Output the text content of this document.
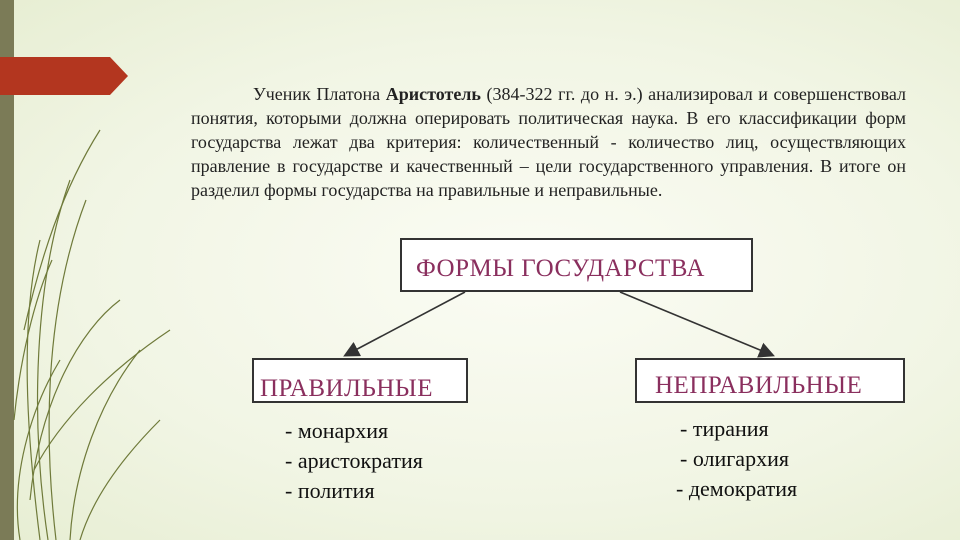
Ученик Платона Аристотель (384-322 гг. до н. э.) анализировал и совершенствовал понятия, которыми должна оперировать политическая наука. В его классификации форм государства лежат два критерия: количественный - количество лиц, осуществляющих правление в государстве и качественный – цели государственного управления. В итоге он разделил формы государства на правильные и неправильные.

ФОРМЫ ГОСУДАРСТВА
ПРАВИЛЬНЫЕ	НЕПРАВИЛЬНЫЕ
- монархия
- аристократия
- полития
- тирания
- олигархия
- демократия
